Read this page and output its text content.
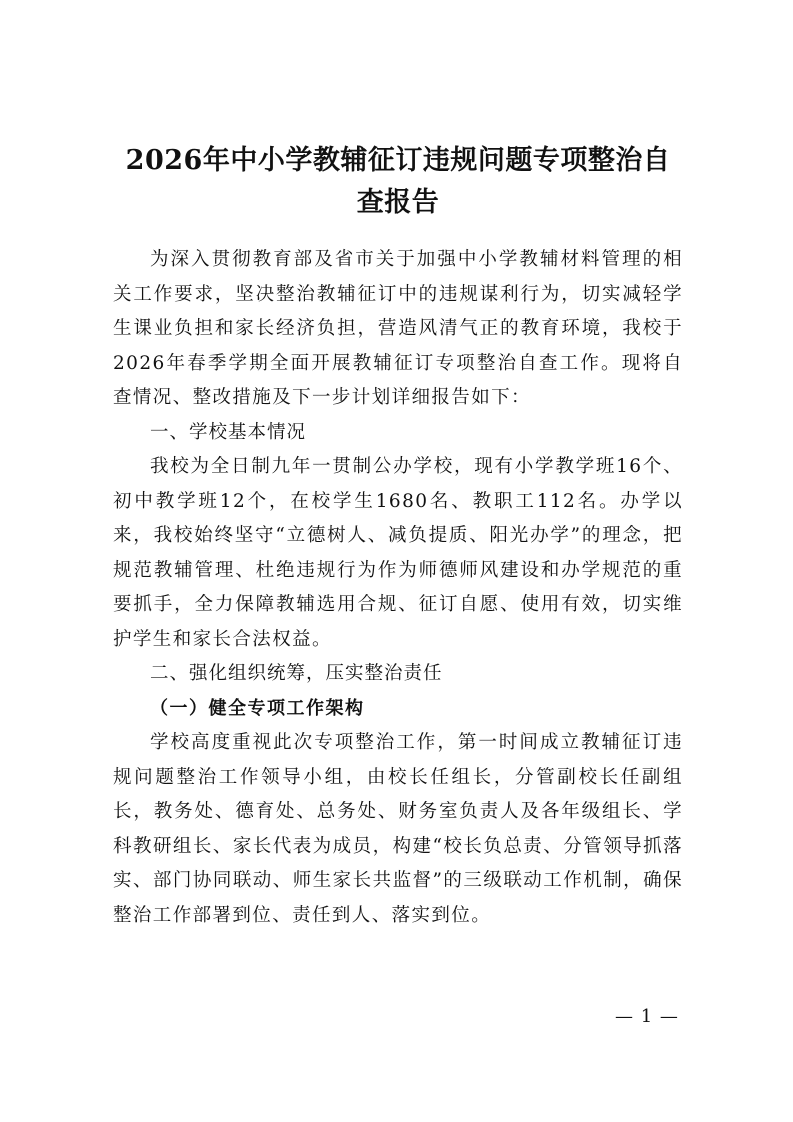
2026年中小学教辅征订违规问题专项整治自查报告

为深入贯彻教育部及省市关于加强中小学教辅材料管理的相关工作要求，坚决整治教辅征订中的违规谋利行为，切实减轻学生课业负担和家长经济负担，营造风清气正的教育环境，我校于2026年春季学期全面开展教辅征订专项整治自查工作。现将自查情况、整改措施及下一步计划详细报告如下：

一、学校基本情况

我校为全日制九年一贯制公办学校，现有小学教学班16个、初中教学班12个，在校学生1680名、教职工112名。办学以来，我校始终坚守“立德树人、减负提质、阳光办学”的理念，把规范教辅管理、杜绝违规行为作为师德师风建设和办学规范的重要抓手，全力保障教辅选用合规、征订自愿、使用有效，切实维护学生和家长合法权益。

二、强化组织统筹，压实整治责任

（一）健全专项工作架构

学校高度重视此次专项整治工作，第一时间成立教辅征订违规问题整治工作领导小组，由校长任组长，分管副校长任副组长，教务处、德育处、总务处、财务室负责人及各年级组长、学科教研组长、家长代表为成员，构建“校长负总责、分管领导抓落实、部门协同联动、师生家长共监督”的三级联动工作机制，确保整治工作部署到位、责任到人、落实到位。

— 1 —
